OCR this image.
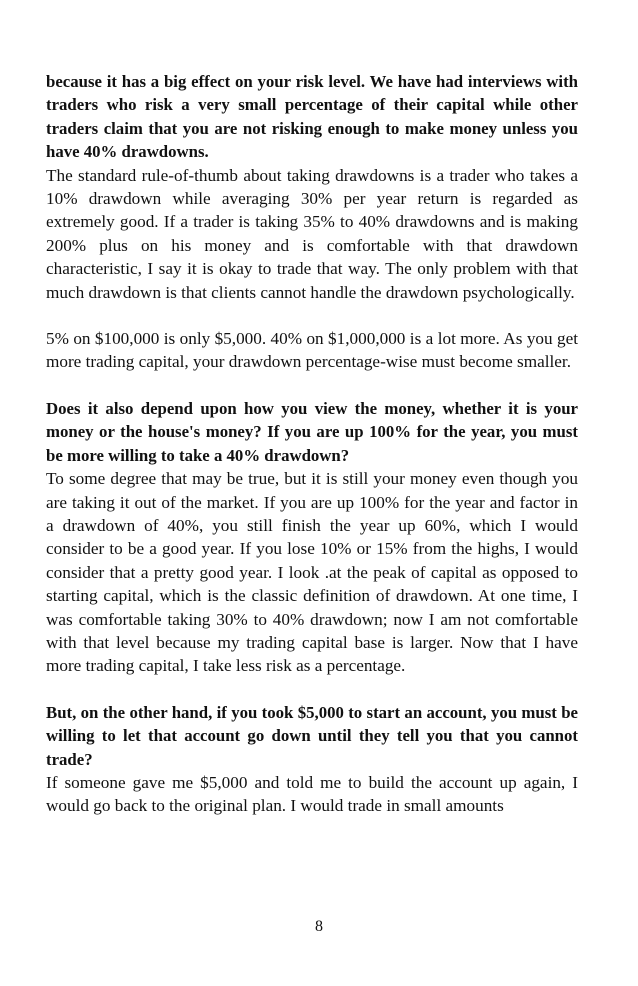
because it has a big effect on your risk level. We have had interviews with traders who risk a very small percentage of their capital while other traders claim that you are not risking enough to make money unless you have 40% drawdowns.

The standard rule-of-thumb about taking drawdowns is a trader who takes a 10% drawdown while averaging 30% per year return is regarded as extremely good. If a trader is taking 35% to 40% drawdowns and is making 200% plus on his money and is comfortable with that drawdown characteristic, I say it is okay to trade that way. The only problem with that much drawdown is that clients cannot handle the drawdown psychologically.

5% on $100,000 is only $5,000. 40% on $1,000,000 is a lot more. As you get more trading capital, your drawdown percentage-wise must become smaller.

Does it also depend upon how you view the money, whether it is your money or the house's money? If you are up 100% for the year, you must be more willing to take a 40% drawdown?

To some degree that may be true, but it is still your money even though you are taking it out of the market. If you are up 100% for the year and factor in a drawdown of 40%, you still finish the year up 60%, which I would consider to be a good year. If you lose 10% or 15% from the highs, I would consider that a pretty good year. I look .at the peak of capital as opposed to starting capital, which is the classic definition of drawdown. At one time, I was comfortable taking 30% to 40% drawdown; now I am not comfortable with that level because my trading capital base is larger. Now that I have more trading capital, I take less risk as a percentage.

But, on the other hand, if you took $5,000 to start an account, you must be willing to let that account go down until they tell you that you cannot trade?

If someone gave me $5,000 and told me to build the account up again, I would go back to the original plan. I would trade in small amounts

8
